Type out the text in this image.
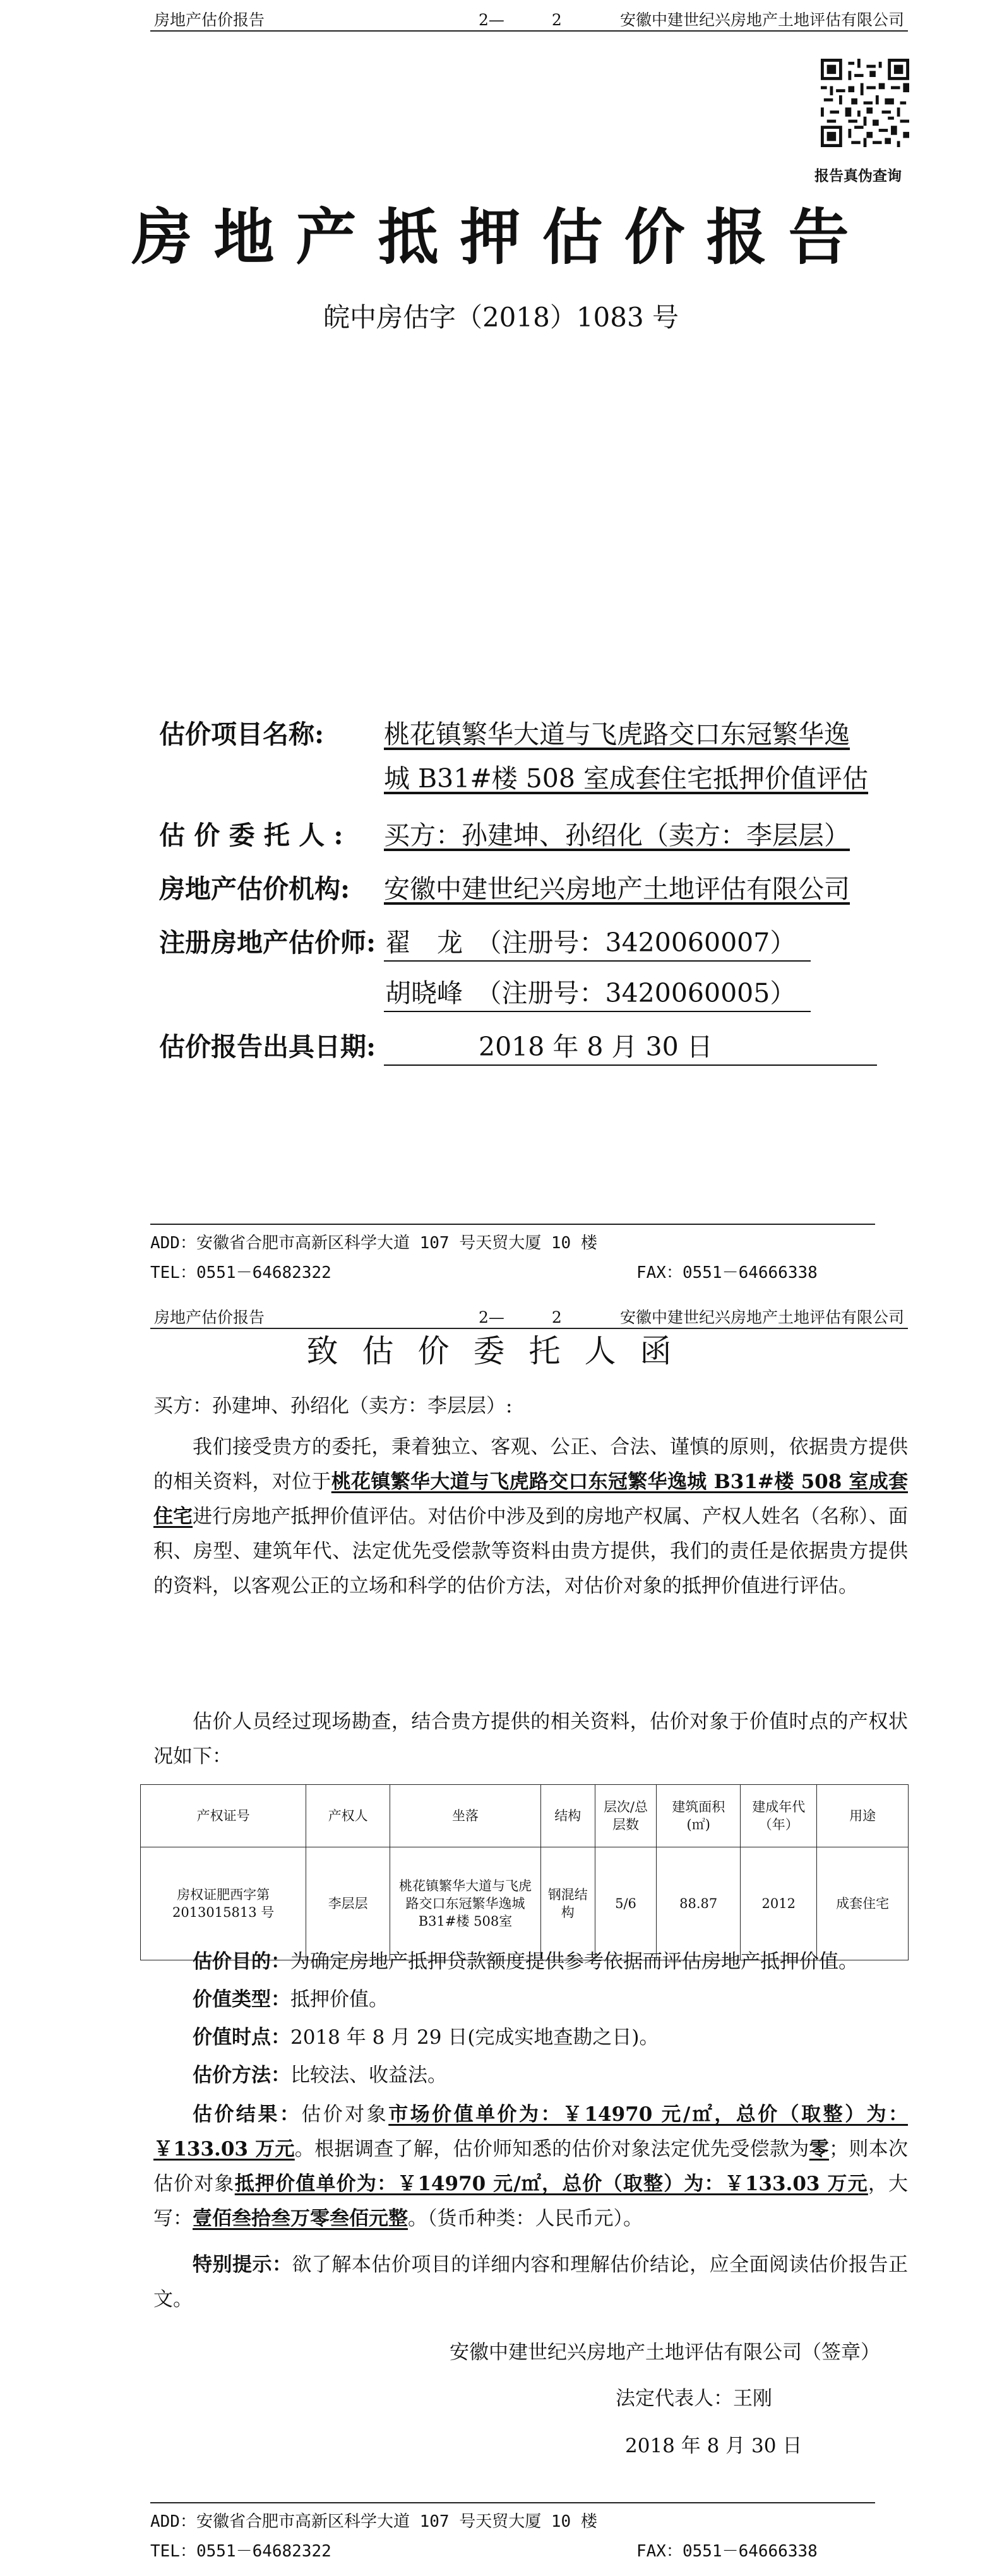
房地产估价报告	2—　　　2	安徽中建世纪兴房地产土地评估有限公司
报告真伪查询
房地产抵押估价报告
皖中房估字（2018）1083 号
估价项目名称: 桃花镇繁华大道与飞虎路交口东冠繁华逸
城 B31#楼 508 室成套住宅抵押价值评估
估 价 委 托 人 : 买方：孙建坤、孙绍化（卖方：李层层）
房地产估价机构: 安徽中建世纪兴房地产土地评估有限公司
注册房地产估价师: 翟　龙　（注册号：3420060007）
胡晓峰　（注册号：3420060005）
估价报告出具日期:	2018 年 8 月 30 日
ADD：安徽省合肥市高新区科学大道 107 号天贸大厦 10 楼
TEL：0551－64682322	FAX：0551－64666338
房地产估价报告	2—　　　2	安徽中建世纪兴房地产土地评估有限公司
致估价委托人函
买方：孙建坤、孙绍化（卖方：李层层）:
我们接受贵方的委托，秉着独立、客观、公正、合法、谨慎的原则，依据贵方提供的相关资料，对位于桃花镇繁华大道与飞虎路交口东冠繁华逸城 B31#楼 508 室成套住宅进行房地产抵押价值评估。对估价中涉及到的房地产权属、产权人姓名（名称）、面积、房型、建筑年代、法定优先受偿款等资料由贵方提供，我们的责任是依据贵方提供的资料，以客观公正的立场和科学的估价方法，对估价对象的抵押价值进行评估。
估价人员经过现场勘查，结合贵方提供的相关资料，估价对象于价值时点的产权状况如下：
产权证号	产权人	坐落	结构	层次/总层数	建筑面积(㎡)	建成年代（年）	用途
房权证肥西字第2013015813 号	李层层	桃花镇繁华大道与飞虎路交口东冠繁华逸城 B31#楼 508室	钢混结构	5/6	88.87	2012	成套住宅
估价目的：为确定房地产抵押贷款额度提供参考依据而评估房地产抵押价值。
价值类型：抵押价值。
价值时点：2018 年 8 月 29 日(完成实地查勘之日)。
估价方法：比较法、收益法。
估价结果：估价对象市场价值单价为：￥14970 元/㎡，总价（取整）为：￥133.03 万元。根据调查了解，估价师知悉的估价对象法定优先受偿款为零；则本次估价对象抵押价值单价为：￥14970 元/㎡，总价（取整）为：￥133.03 万元，大写：壹佰叁拾叁万零叁佰元整。（货币种类：人民币元）。
特别提示：欲了解本估价项目的详细内容和理解估价结论，应全面阅读估价报告正文。
安徽中建世纪兴房地产土地评估有限公司（签章）
法定代表人：王刚
2018 年 8 月 30 日
ADD：安徽省合肥市高新区科学大道 107 号天贸大厦 10 楼
TEL：0551－64682322	FAX：0551－64666338
